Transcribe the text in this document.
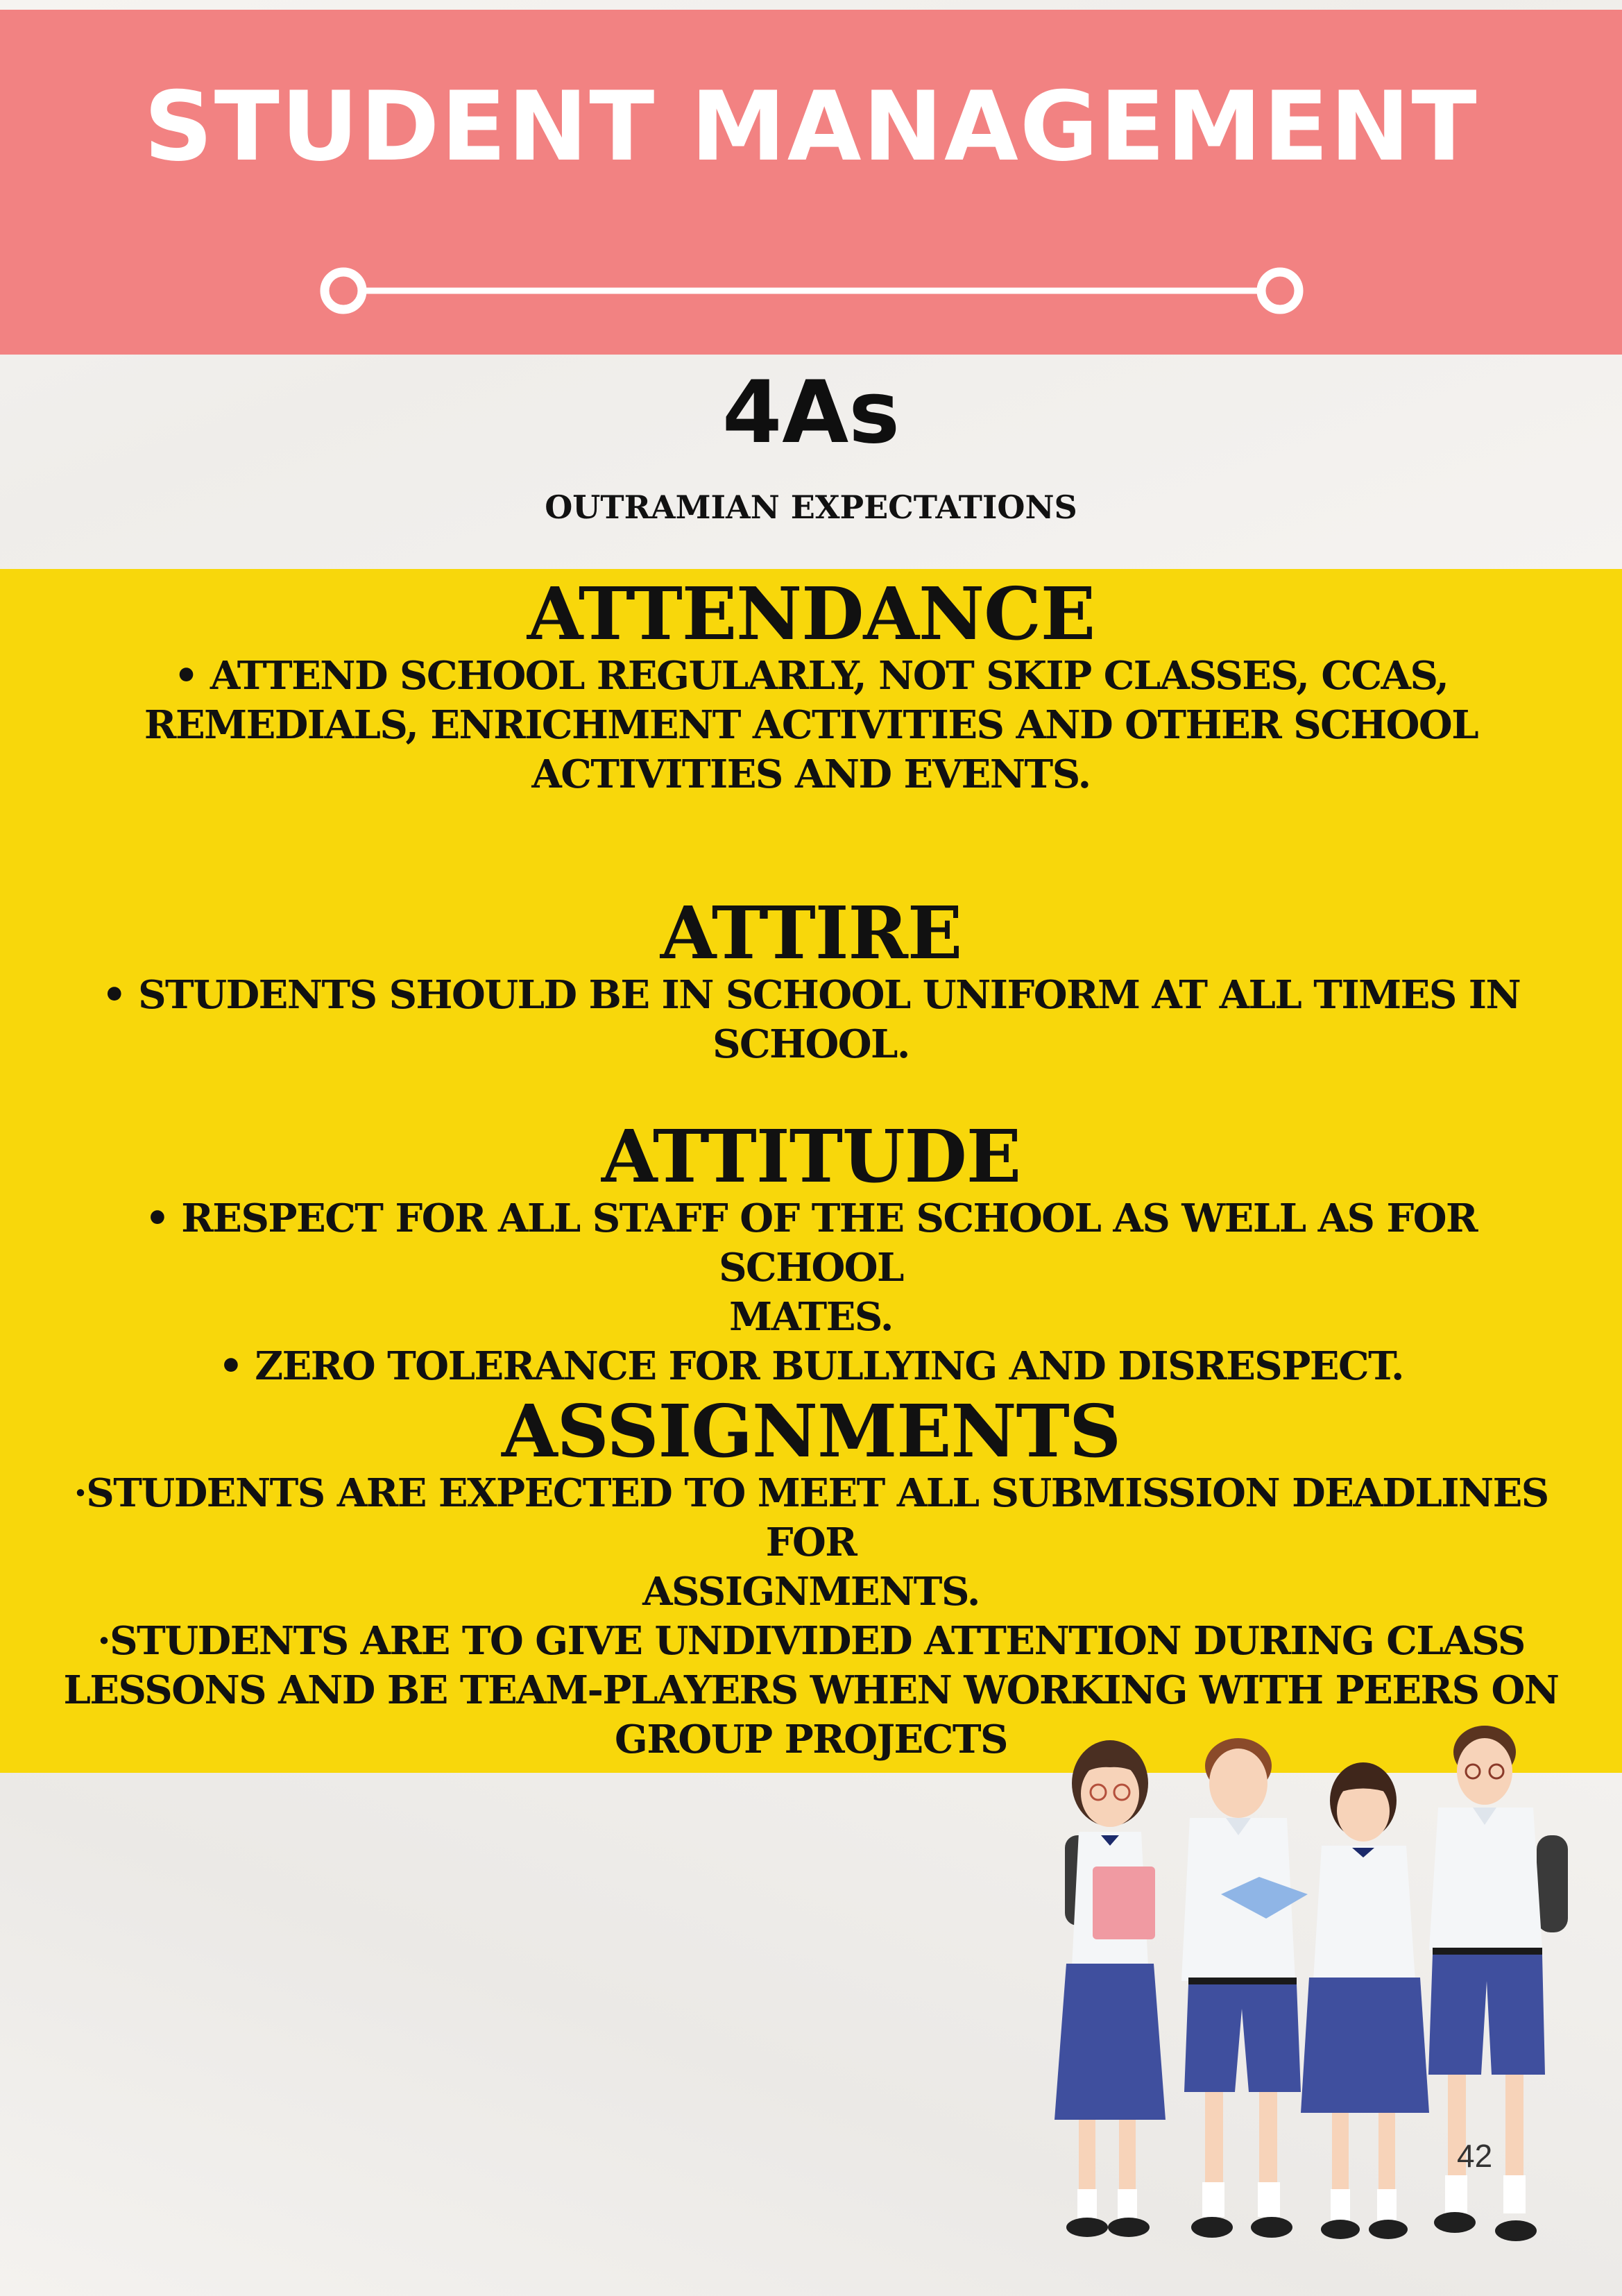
STUDENT MANAGEMENT
4As
OUTRAMIAN EXPECTATIONS
ATTENDANCE

• ATTEND SCHOOL REGULARLY, NOT SKIP CLASSES, CCAS,

REMEDIALS, ENRICHMENT ACTIVITIES AND OTHER SCHOOL

ACTIVITIES AND EVENTS.

ATTIRE

• STUDENTS SHOULD BE IN SCHOOL UNIFORM AT ALL TIMES IN

SCHOOL.

ATTITUDE

• RESPECT FOR ALL STAFF OF THE SCHOOL AS WELL AS FOR SCHOOL

MATES.

• ZERO TOLERANCE FOR BULLYING AND DISRESPECT.

ASSIGNMENTS

·STUDENTS ARE EXPECTED TO MEET ALL SUBMISSION DEADLINES FOR

ASSIGNMENTS.

·STUDENTS ARE TO GIVE UNDIVIDED ATTENTION DURING CLASS

LESSONS AND BE TEAM-PLAYERS WHEN WORKING WITH PEERS ON

GROUP PROJECTS

42
